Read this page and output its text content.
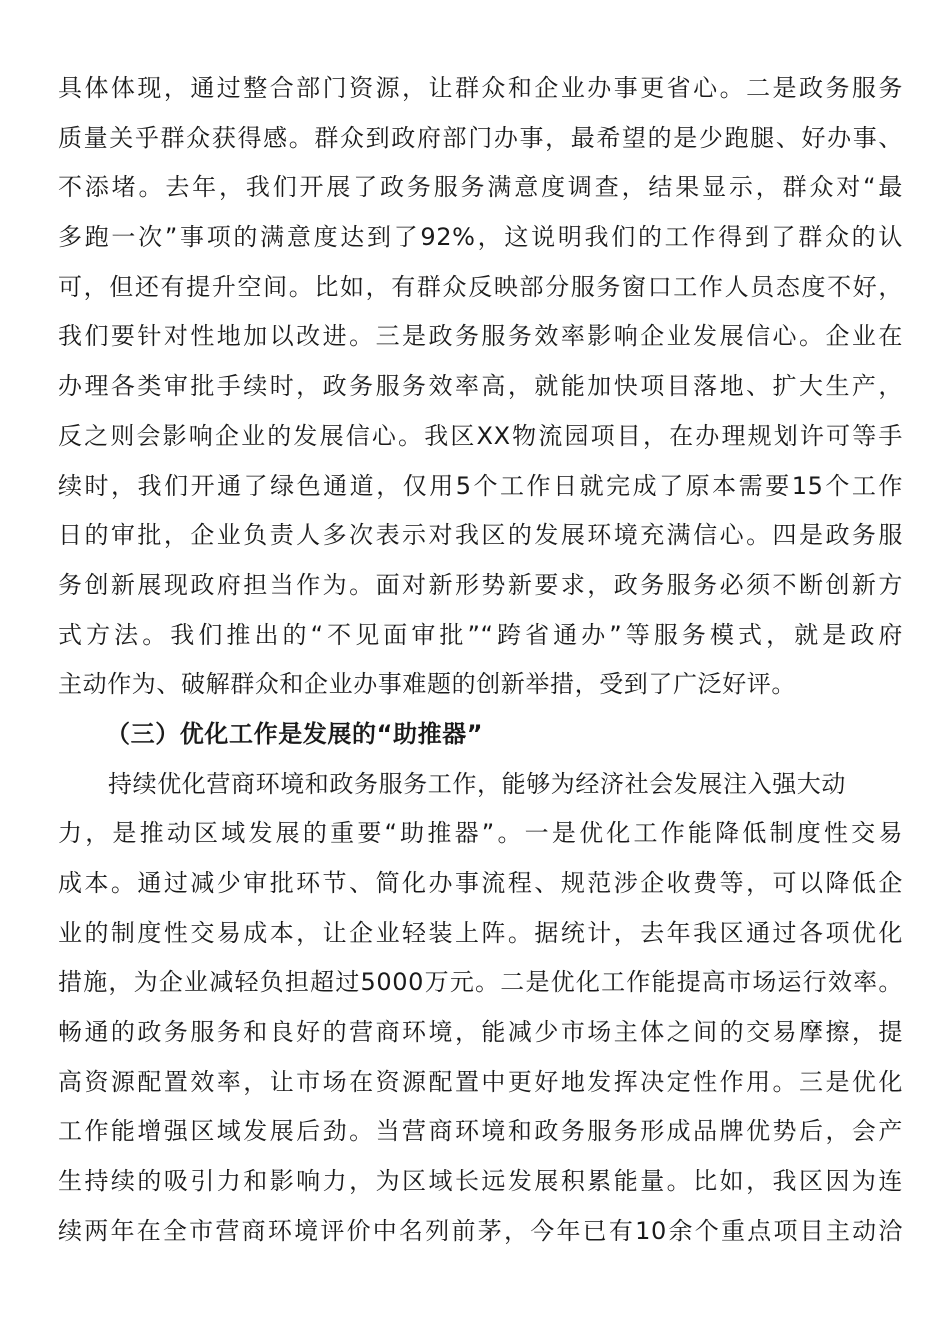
具体体现，通过整合部门资源，让群众和企业办事更省心。二是政务服务
质量关乎群众获得感。群众到政府部门办事，最希望的是少跑腿、好办事、
不添堵。去年，我们开展了政务服务满意度调查，结果显示，群众对“最
多跑一次”事项的满意度达到了92%，这说明我们的工作得到了群众的认
可，但还有提升空间。比如，有群众反映部分服务窗口工作人员态度不好，
我们要针对性地加以改进。三是政务服务效率影响企业发展信心。企业在
办理各类审批手续时，政务服务效率高，就能加快项目落地、扩大生产，
反之则会影响企业的发展信心。我区XX物流园项目，在办理规划许可等手
续时，我们开通了绿色通道，仅用5个工作日就完成了原本需要15个工作
日的审批，企业负责人多次表示对我区的发展环境充满信心。四是政务服
务创新展现政府担当作为。面对新形势新要求，政务服务必须不断创新方
式方法。我们推出的“不见面审批”“跨省通办”等服务模式，就是政府
主动作为、破解群众和企业办事难题的创新举措，受到了广泛好评。
（三）优化工作是发展的“助推器”
持续优化营商环境和政务服务工作，能够为经济社会发展注入强大动
力，是推动区域发展的重要“助推器”。一是优化工作能降低制度性交易
成本。通过减少审批环节、简化办事流程、规范涉企收费等，可以降低企
业的制度性交易成本，让企业轻装上阵。据统计，去年我区通过各项优化
措施，为企业减轻负担超过5000万元。二是优化工作能提高市场运行效率。
畅通的政务服务和良好的营商环境，能减少市场主体之间的交易摩擦，提
高资源配置效率，让市场在资源配置中更好地发挥决定性作用。三是优化
工作能增强区域发展后劲。当营商环境和政务服务形成品牌优势后，会产
生持续的吸引力和影响力，为区域长远发展积累能量。比如，我区因为连
续两年在全市营商环境评价中名列前茅，今年已有10余个重点项目主动洽
